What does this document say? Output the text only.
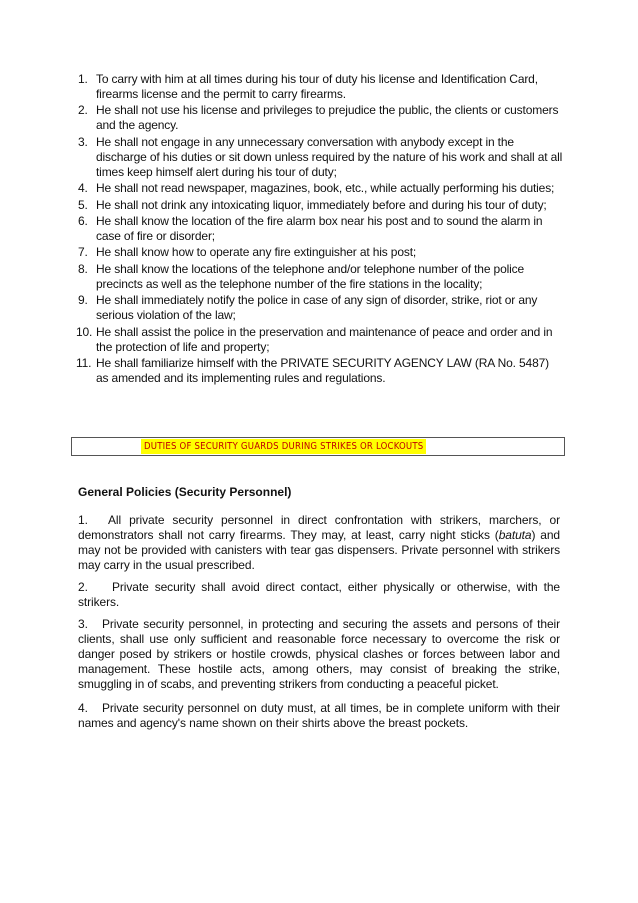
1. To carry with him at all times during his tour of duty his license and Identification Card, firearms license and the permit to carry firearms.
2. He shall not use his license and privileges to prejudice the public, the clients or customers and the agency.
3. He shall not engage in any unnecessary conversation with anybody except in the discharge of his duties or sit down unless required by the nature of his work and shall at all times keep himself alert during his tour of duty;
4. He shall not read newspaper, magazines, book, etc., while actually performing his duties;
5. He shall not drink any intoxicating liquor, immediately before and during his tour of duty;
6. He shall know the location of the fire alarm box near his post and to sound the alarm in case of fire or disorder;
7. He shall know how to operate any fire extinguisher at his post;
8. He shall know the locations of the telephone and/or telephone number of the police precincts as well as the telephone number of the fire stations in the locality;
9. He shall immediately notify the police in case of any sign of disorder, strike, riot or any serious violation of the law;
10. He shall assist the police in the preservation and maintenance of peace and order and in the protection of life and property;
11. He shall familiarize himself with the PRIVATE SECURITY AGENCY LAW (RA No. 5487) as amended and its implementing rules and regulations.
DUTIES OF SECURITY GUARDS DURING STRIKES OR LOCKOUTS
General Policies (Security Personnel)

1. All private security personnel in direct confrontation with strikers, marchers, or demonstrators shall not carry firearms. They may, at least, carry night sticks (batuta) and may not be provided with canisters with tear gas dispensers. Private personnel with strikers may carry in the usual prescribed.

2. Private security shall avoid direct contact, either physically or otherwise, with the strikers.

3. Private security personnel, in protecting and securing the assets and persons of their clients, shall use only sufficient and reasonable force necessary to overcome the risk or danger posed by strikers or hostile crowds, physical clashes or forces between labor and management. These hostile acts, among others, may consist of breaking the strike, smuggling in of scabs, and preventing strikers from conducting a peaceful picket.

4. Private security personnel on duty must, at all times, be in complete uniform with their names and agency's name shown on their shirts above the breast pockets.
